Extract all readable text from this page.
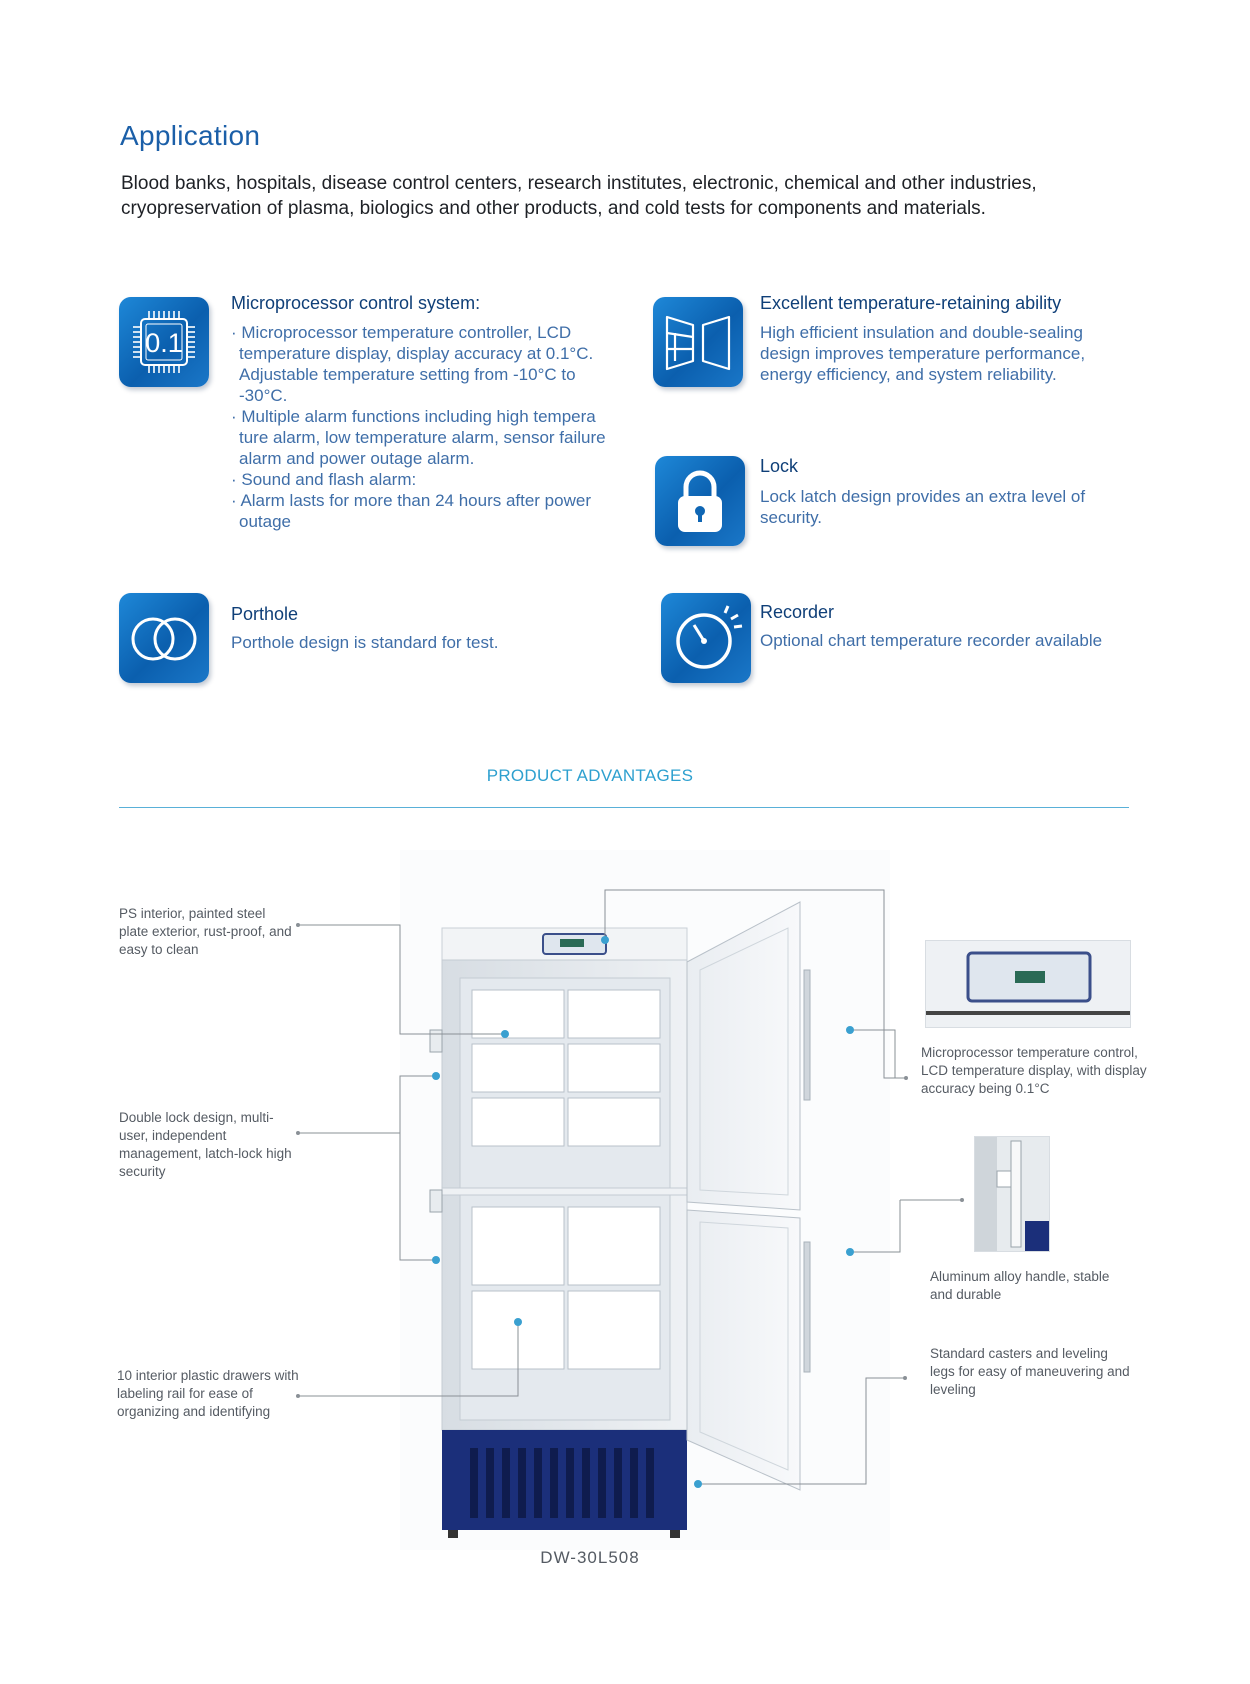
Application
Blood banks, hospitals, disease control centers, research institutes, electronic, chemical and other industries, cryopreservation of plasma, biologics and other products, and cold tests for components and materials.
0.1
Microprocessor control system:
· Microprocessor temperature controller, LCD temperature display, display accuracy at 0.1°C. Adjustable temperature setting from -10°C to -30°C.
· Multiple alarm functions including high tempera ture alarm, low temperature alarm, sensor failure alarm and power outage alarm.
· Sound and flash alarm:
· Alarm lasts for more than 24 hours after power outage
Excellent temperature-retaining ability
High efficient insulation and double-sealing design improves temperature performance, energy efficiency, and system reliability.
Lock
Lock latch design provides an extra level of security.
Porthole
Porthole design is standard for test.
Recorder
Optional chart temperature recorder available
PRODUCT ADVANTAGES
PS interior, painted steel plate exterior, rust-proof, and easy to clean
Double lock design, multi-user, independent management, latch-lock high security
10 interior plastic drawers with labeling rail for ease of organizing and identifying
Microprocessor temperature control, LCD temperature display, with display accuracy being 0.1°C
Aluminum alloy handle, stable and durable
Standard casters and leveling legs for easy of maneuvering and leveling
DW-30L508
